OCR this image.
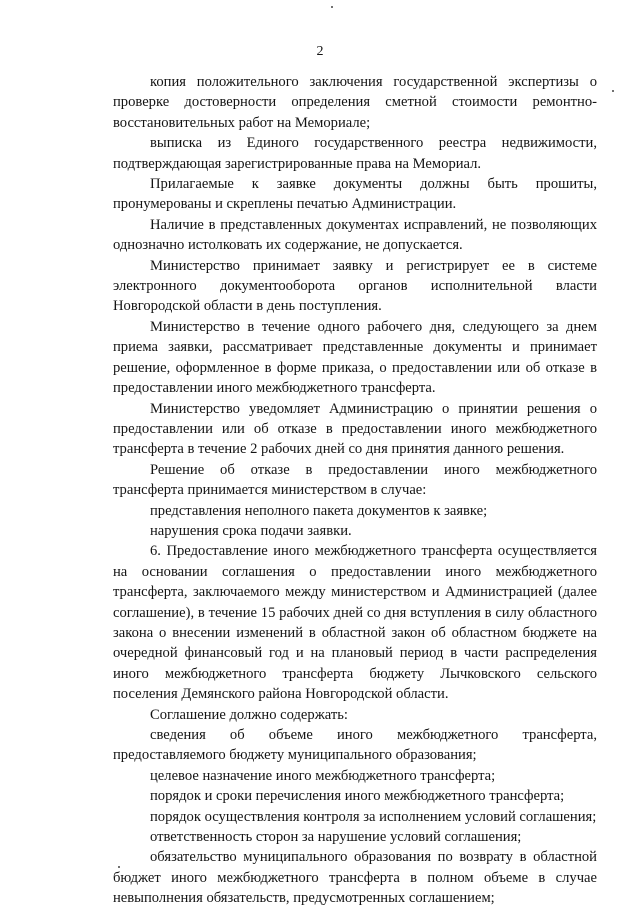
2

копия положительного заключения государственной экспертизы о проверке достоверности определения сметной стоимости ремонтно-восстановительных работ на Мемориале;

выписка из Единого государственного реестра недвижимости, подтверждающая зарегистрированные права на Мемориал.

Прилагаемые к заявке документы должны быть прошиты, пронумерованы и скреплены печатью Администрации.

Наличие в представленных документах исправлений, не позволяющих однозначно истолковать их содержание, не допускается.

Министерство принимает заявку и регистрирует ее в системе электронного документооборота органов исполнительной власти Новгородской области в день поступления.

Министерство в течение одного рабочего дня, следующего за днем приема заявки, рассматривает представленные документы и принимает решение, оформленное в форме приказа, о предоставлении или об отказе в предоставлении иного межбюджетного трансферта.

Министерство уведомляет Администрацию о принятии решения о предоставлении или об отказе в предоставлении иного межбюджетного трансферта в течение 2 рабочих дней со дня принятия данного решения.

Решение об отказе в предоставлении иного межбюджетного трансферта принимается министерством в случае:

представления неполного пакета документов к заявке;

нарушения срока подачи заявки.

6. Предоставление иного межбюджетного трансферта осуществляется на основании соглашения о предоставлении иного межбюджетного трансферта, заключаемого между министерством и Администрацией (далее соглашение), в течение 15 рабочих дней со дня вступления в силу областного закона о внесении изменений в областной закон об областном бюджете на очередной финансовый год и на плановый период в части распределения иного межбюджетного трансферта бюджету Лычковского сельского поселения Демянского района Новгородской области.

Соглашение должно содержать:

сведения об объеме иного межбюджетного трансферта, предоставляемого бюджету муниципального образования;

целевое назначение иного межбюджетного трансферта;

порядок и сроки перечисления иного межбюджетного трансферта;

порядок осуществления контроля за исполнением условий соглашения;

ответственность сторон за нарушение условий соглашения;

обязательство муниципального образования по возврату в областной бюджет иного межбюджетного трансферта в полном объеме в случае невыполнения обязательств, предусмотренных соглашением;
